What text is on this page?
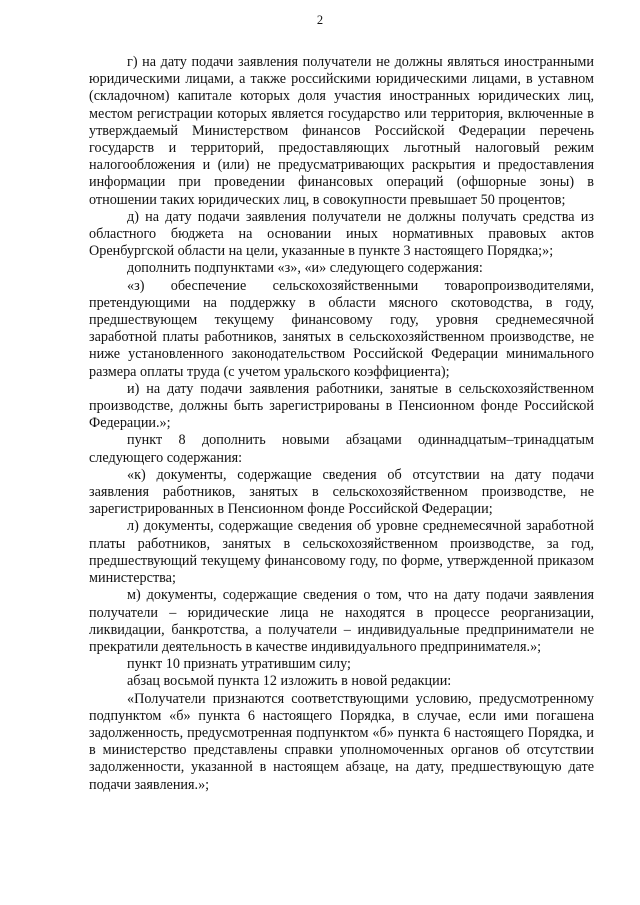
2

г) на дату подачи заявления получатели не должны являться иностранными юридическими лицами, а также российскими юридическими лицами, в уставном (складочном) капитале которых доля участия иностранных юридических лиц, местом регистрации которых является государство или территория, включенные в утверждаемый Министерством финансов Российской Федерации перечень государств и территорий, предоставляющих льготный налоговый режим налогообложения и (или) не предусматривающих раскрытия и предоставления информации при проведении финансовых операций (офшорные зоны) в отношении таких юридических лиц, в совокупности превышает 50 процентов;

д) на дату подачи заявления получатели не должны получать средства из областного бюджета на основании иных нормативных правовых актов Оренбургской области на цели, указанные в пункте 3 настоящего Порядка;»;

дополнить подпунктами «з», «и» следующего содержания:

«з) обеспечение сельскохозяйственными товаропроизводителями, претендующими на поддержку в области мясного скотоводства, в году, предшествующем текущему финансовому году, уровня среднемесячной заработной платы работников, занятых в сельскохозяйственном производстве, не ниже установленного законодательством Российской Федерации минимального размера оплаты труда (с учетом уральского коэффициента);

и) на дату подачи заявления работники, занятые в сельскохозяйственном производстве, должны быть зарегистрированы в Пенсионном фонде Российской Федерации.»;

пункт 8 дополнить новыми абзацами одиннадцатым–тринадцатым следующего содержания:

«к) документы, содержащие сведения об отсутствии на дату подачи заявления работников, занятых в сельскохозяйственном производстве, не зарегистрированных в Пенсионном фонде Российской Федерации;

л) документы, содержащие сведения об уровне среднемесячной заработной платы работников, занятых в сельскохозяйственном производстве, за год, предшествующий текущему финансовому году, по форме, утвержденной приказом министерства;

м) документы, содержащие сведения о том, что на дату подачи заявления получатели – юридические лица не находятся в процессе реорганизации, ликвидации, банкротства, а получатели – индивидуальные предприниматели не прекратили деятельность в качестве индивидуального предпринимателя.»;

пункт 10 признать утратившим силу;

абзац восьмой пункта 12 изложить в новой редакции:

«Получатели признаются соответствующими условию, предусмотренному подпунктом «б» пункта 6 настоящего Порядка, в случае, если ими погашена задолженность, предусмотренная подпунктом «б» пункта 6 настоящего Порядка, и в министерство представлены справки уполномоченных органов об отсутствии задолженности, указанной в настоящем абзаце, на дату, предшествующую дате подачи заявления.»;
